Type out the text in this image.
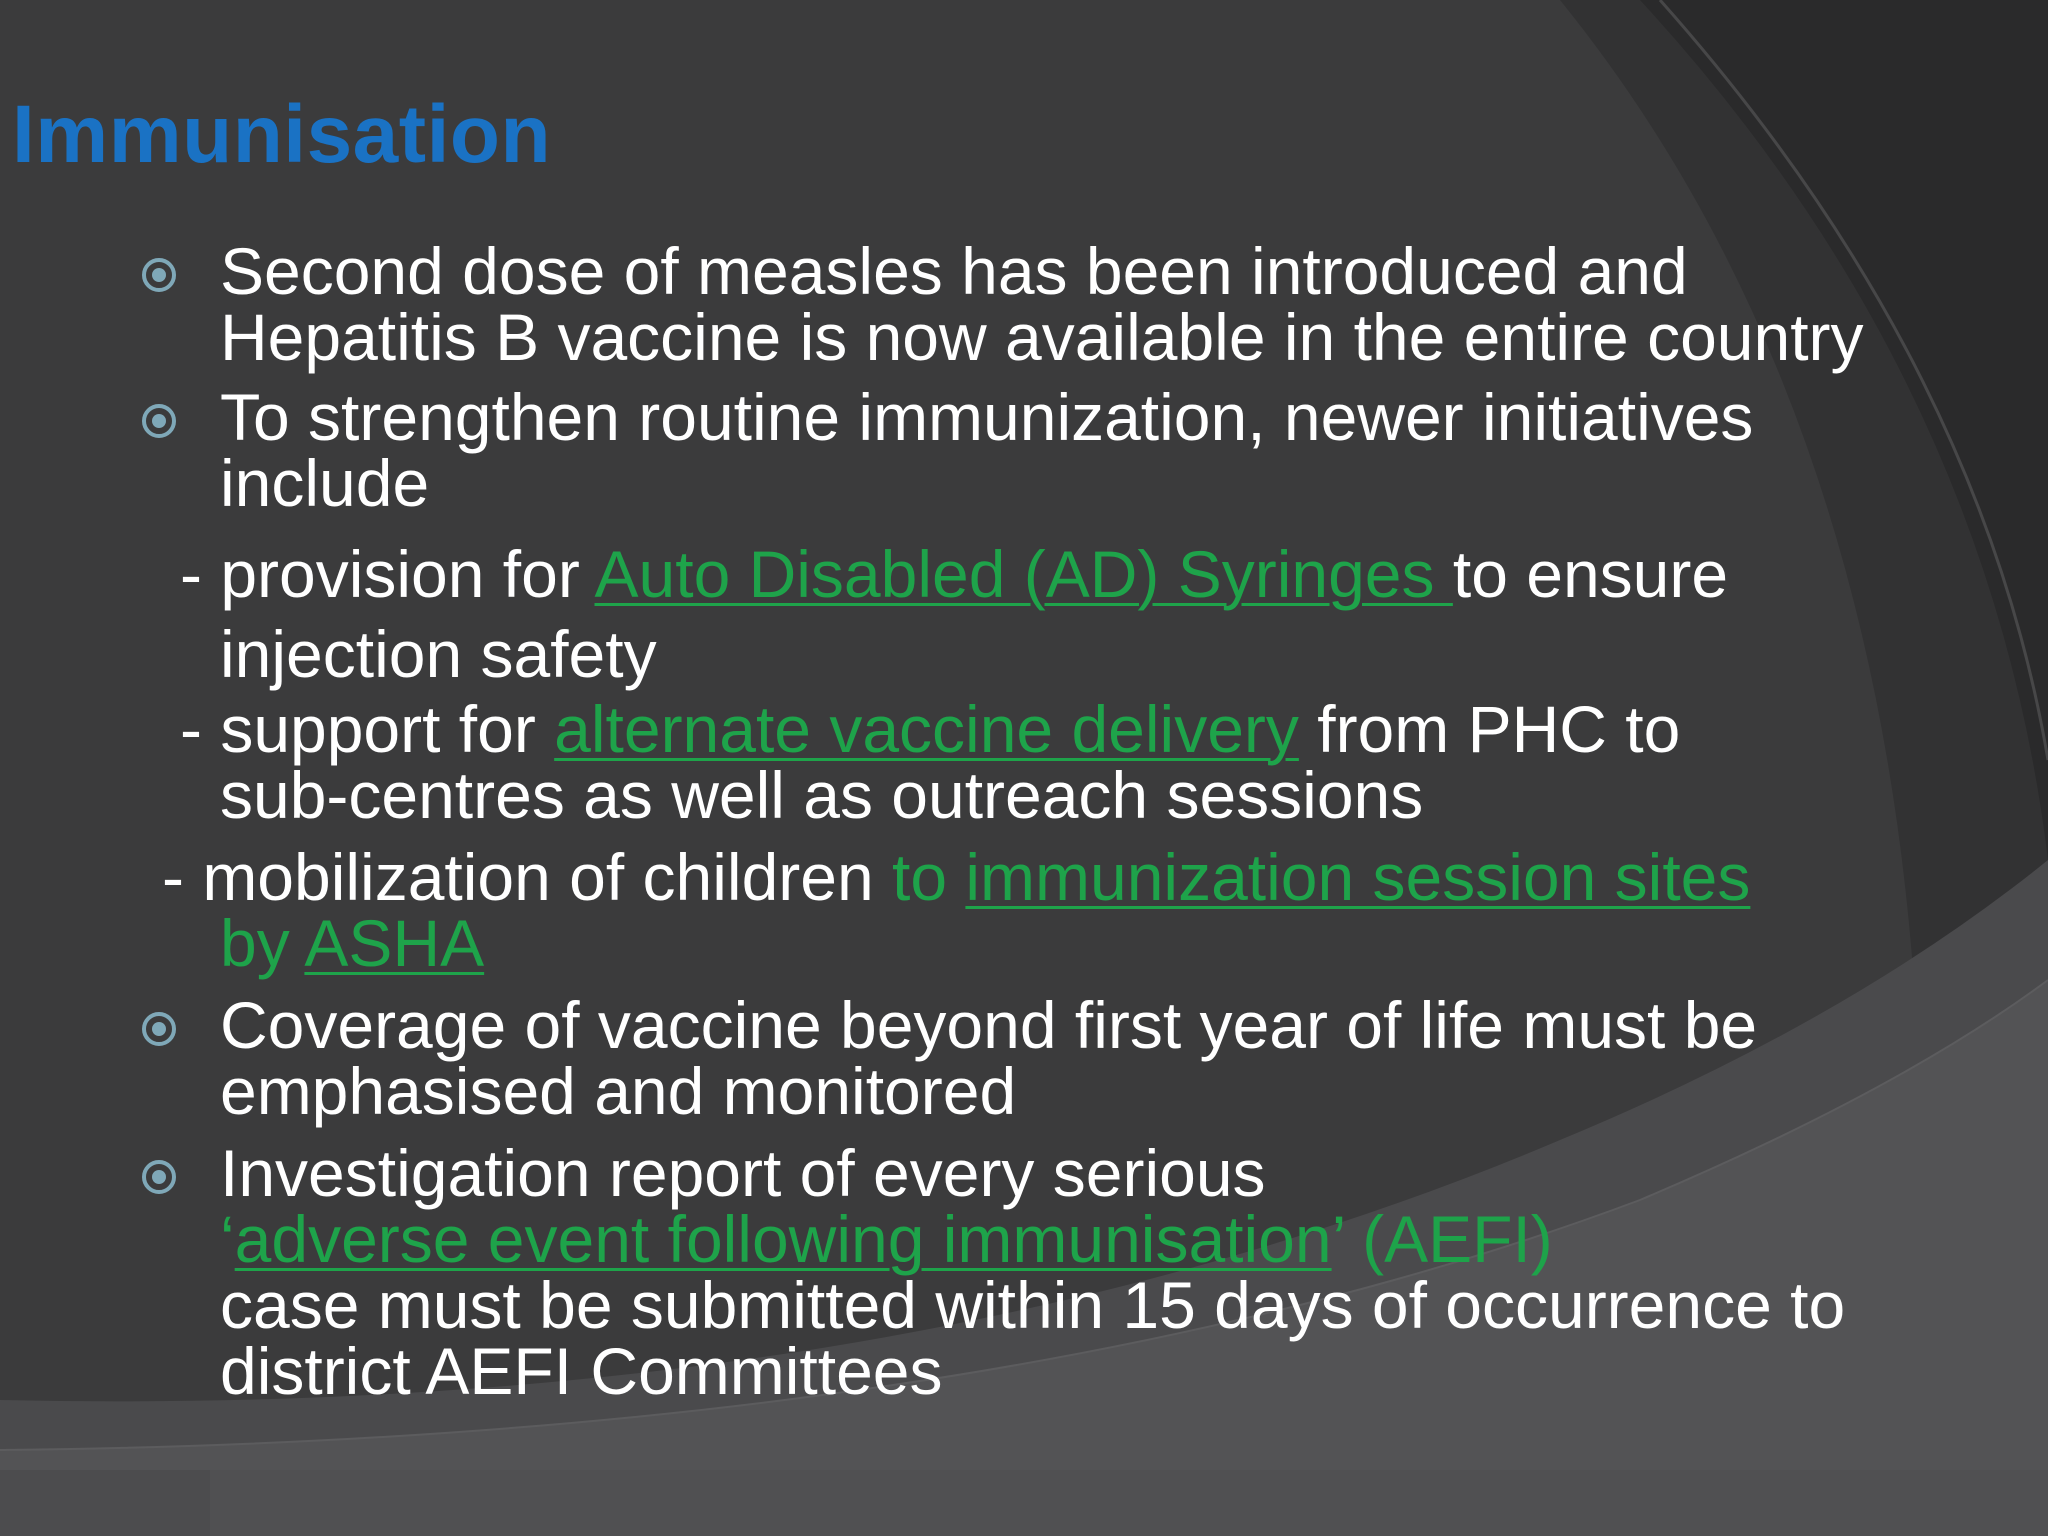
Immunisation
Second dose of measles has been introduced and
Hepatitis B vaccine is now available in the entire country
To strengthen routine immunization, newer initiatives
include
- provision for Auto Disabled (AD) Syringes to ensure
injection safety
- support for alternate vaccine delivery from PHC to
sub-centres as well as outreach sessions
- mobilization of children to immunization session sites
by ASHA
Coverage of vaccine beyond first year of life must be
emphasised and monitored
Investigation report of every serious
‘adverse event following immunisation’ (AEFI)
case must be submitted within 15 days of occurrence to
district AEFI Committees
